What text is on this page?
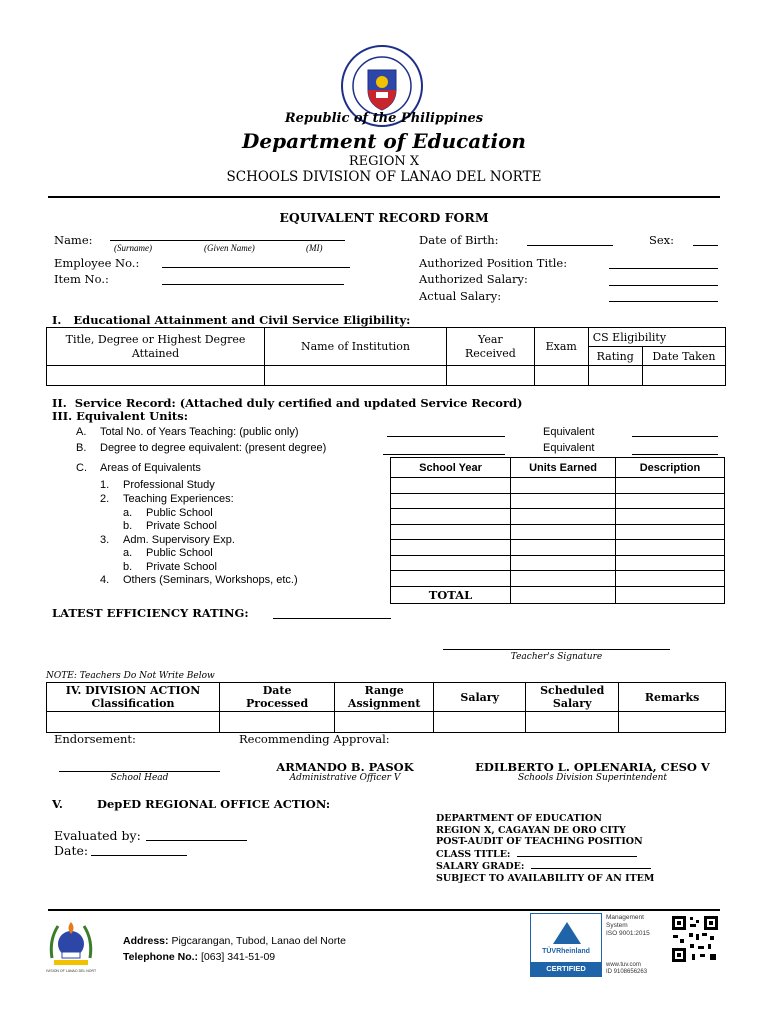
Republic of the Philippines
Department of Education
REGION X
SCHOOLS DIVISION OF LANAO DEL NORTE
EQUIVALENT RECORD FORM
Name:
(Surname)	(Given Name)	(MI)
Employee No.:
Item No.:
Date of Birth:	Sex:
Authorized Position Title:
Authorized Salary:
Actual Salary:
I.   Educational Attainment and Civil Service Eligibility:
Title, Degree or Highest Degree Attained	Name of Institution	Year Received	Exam	CS Eligibility	
				Rating	Date Taken

II.  Service Record: (Attached duly certified and updated Service Record)
III. Equivalent Units:
A. Total No. of Years Teaching: (public only)	Equivalent
B. Degree to degree equivalent: (present degree)	Equivalent
C. Areas of Equivalents
1. Professional Study
2. Teaching Experiences:
a. Public School
b. Private School
3. Adm. Supervisory Exp.
a. Public School
b. Private School
4. Others (Seminars, Workshops, etc.)
School Year	Units Earned	Description

TOTAL		
LATEST EFFICIENCY RATING:
Teacher's Signature
NOTE: Teachers Do Not Write Below
IV. DIVISION ACTION
Classification	Date Processed	Range Assignment	Salary	Scheduled Salary	Remarks

Endorsement:	Recommending Approval:
School Head
ARMANDO B. PASOK
Administrative Officer V
EDILBERTO L. OPLENARIA, CESO V
Schools Division Superintendent
V.	DepED REGIONAL OFFICE ACTION:
Evaluated by:
Date:
DEPARTMENT OF EDUCATION
REGION X, CAGAYAN DE ORO CITY
POST-AUDIT OF TEACHING POSITION
CLASS TITLE:
SALARY GRADE:
SUBJECT TO AVAILABILITY OF AN ITEM
DIVISION OF LANAO DEL NORTE
Address: Pigcarangan, Tubod, Lanao del Norte
Telephone No.: [063] 341-51-09	TÜVRheinland
CERTIFIED
Management
System
ISO 9001:2015
www.tuv.com
ID 9108656263
